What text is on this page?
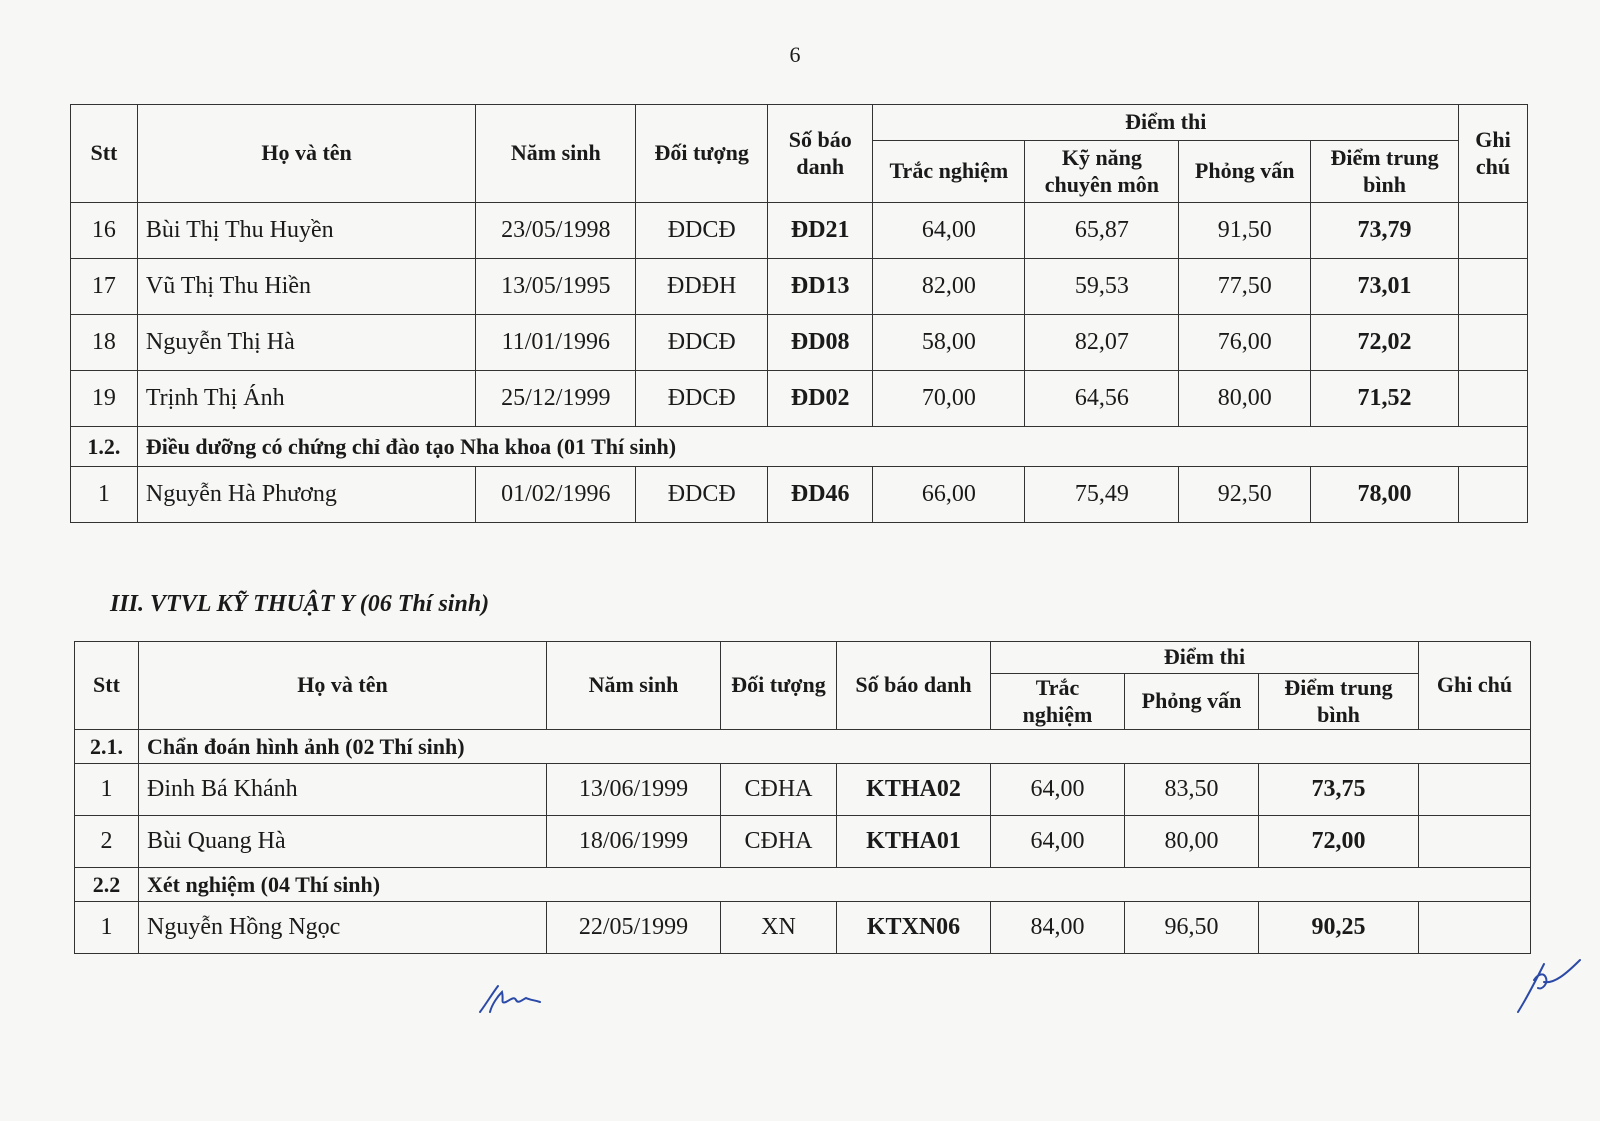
6
Stt	Họ và tên	Năm sinh	Đối tượng	Số báo danh	Điểm thi				Ghi chú
					Trắc nghiệm	Kỹ năng chuyên môn	Phỏng vấn	Điểm trung bình	
16	Bùi Thị Thu Huyền	23/05/1998	ĐDCĐ	ĐD21	64,00	65,87	91,50	73,79	
17	Vũ Thị Thu Hiền	13/05/1995	ĐDĐH	ĐD13	82,00	59,53	77,50	73,01	
18	Nguyễn Thị Hà	11/01/1996	ĐDCĐ	ĐD08	58,00	82,07	76,00	72,02	
19	Trịnh Thị Ánh	25/12/1999	ĐDCĐ	ĐD02	70,00	64,56	80,00	71,52	
1.2.	Điều dưỡng có chứng chỉ đào tạo Nha khoa (01 Thí sinh)								
1	Nguyễn Hà Phương	01/02/1996	ĐDCĐ	ĐD46	66,00	75,49	92,50	78,00	
III. VTVL KỸ THUẬT Y (06 Thí sinh)
Stt	Họ và tên	Năm sinh	Đối tượng	Số báo danh	Điểm thi			Ghi chú
					Trắc nghiệm	Phỏng vấn	Điểm trung bình	
2.1.	Chẩn đoán hình ảnh (02 Thí sinh)							
1	Đinh Bá Khánh	13/06/1999	CĐHA	KTHA02	64,00	83,50	73,75	
2	Bùi Quang Hà	18/06/1999	CĐHA	KTHA01	64,00	80,00	72,00	
2.2	Xét nghiệm (04 Thí sinh)							
1	Nguyễn Hồng Ngọc	22/05/1999	XN	KTXN06	84,00	96,50	90,25	
